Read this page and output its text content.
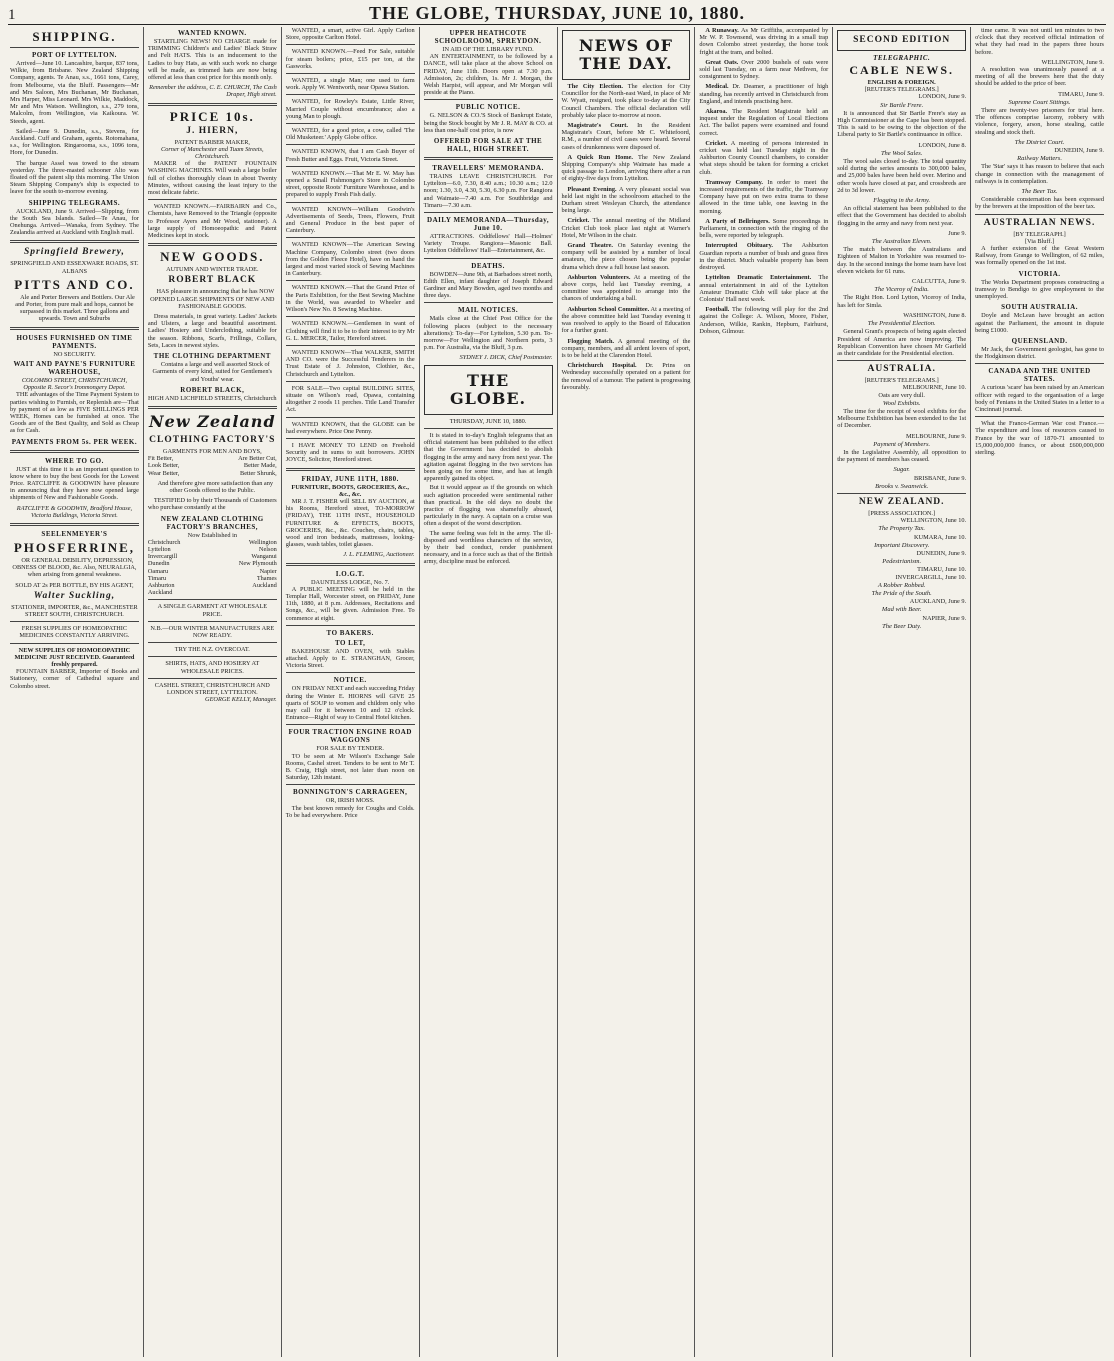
1	THE GLOBE, THURSDAY, JUNE 10, 1880.
SHIPPING.
PORT OF LYTTELTON.

Arrived—June 10. Lancashire, barque, 837 tons, Wilkie, from Brisbane. New Zealand Shipping Company, agents. Te Anau, s.s., 1661 tons, Carey, from Melbourne, via the Bluff. Passengers—Mr and Mrs Saloon, Mrs Buchanan, Mr Buchanan, Mrs Harper, Miss Leonard. Mrs Wilkie, Maddock, Mr and Mrs Watson. Wellington, s.s., 279 tons, Malcolm, from Wellington, via Kaikoura. W. Steeds, agent.

Sailed—June 9. Dunedin, s.s., Stevens, for Auckland. Cuff and Graham, agents. Rotomahana, s.s., for Wellington. Ringarooma, s.s., 1096 tons, Hore, for Dunedin.

The barque Assel was towed to the stream yesterday. The three-masted schooner Alto was floated off the patent slip this morning. The Union Steam Shipping Company's ship is expected to leave for the south to-morrow evening.

SHIPPING TELEGRAMS.

AUCKLAND, June 9. Arrived—Slipping, from the South Sea Islands. Sailed—Te Anau, for Onehunga. Arrived—Wanaka, from Sydney. The Zealandia arrived at Auckland with English mail.

Springfield Brewery,
SPRINGFIELD AND ESSEXWARE ROADS, ST. ALBANS
PITTS AND CO.

Ale and Porter Brewers and Bottlers. Our Ale and Porter, from pure malt and hops, cannot be surpassed in this market. Three gallons and upwards. Town and Suburbs

HOUSES FURNISHED ON TIME PAYMENTS.
NO SECURITY.
WAIT AND PAYNE'S FURNITURE WAREHOUSE,
COLOMBO STREET, CHRISTCHURCH, Opposite R. Secor's Ironmongery Depot.

THE advantages of the Time Payment System to parties wishing to Furnish, or Replenish are—That by payment of as low as FIVE SHILLINGS PER WEEK, Homes can be furnished at once. The Goods are of the Best Quality, and Sold as Cheap as for Cash.

PAYMENTS FROM 5s. PER WEEK.
WHERE TO GO.

JUST at this time it is an important question to know where to buy the best Goods for the Lowest Price. RATCLIFFE & GOODWIN have pleasure in announcing that they have now opened large shipments of New and Fashionable Goods.

RATCLIFFE & GOODWIN, Bradford House, Victoria Buildings, Victoria Street.
SEELENMEYER'S
PHOSFERRINE,

OR GENERAL DEBILITY, DEPRESSION, OBNESS OF BLOOD, &c. Also, NEURALGIA, when arising from general weakness.

SOLD AT 2s PER BOTTLE, BY HIS AGENT,
Walter Suckling,
STATIONER, IMPORTER, &c., MANCHESTER STREET SOUTH, CHRISTCHURCH.
FRESH SUPPLIES OF HOMEOPATHIC MEDICINES CONSTANTLY ARRIVING.
NEW SUPPLIES OF HOMOEOPATHIC MEDICINE JUST RECEIVED. Guaranteed freshly prepared.

FOUNTAIN BARBER, Importer of Books and Stationery, corner of Cathedral square and Colombo street.

WANTED KNOWN.

STARTLING NEWS! NO CHARGE made for TRIMMING Children's and Ladies' Black Straw and Felt HATS. This is an inducement to the Ladies to buy Hats, as with such work no charge will be made, as trimmed hats are now being offered at less than cost price for this month only.

Remember the address, C. E. CHURCH, The Cash Draper, High street.
PRICE 10s.
J. HIERN,
PATENT BARBER MAKER,
Corner of Manchester and Tuam Streets, Christchurch.

MAKER of the PATENT FOUNTAIN WASHING MACHINES. Will wash a large boiler full of clothes thoroughly clean in about Twenty Minutes, without causing the least injury to the most delicate fabric.

WANTED KNOWN.—FAIRBAIRN and Co., Chemists, have Removed to the Triangle (opposite to Professor Ayers and Mr Wood, stationer). A large supply of Homoeopathic and Patent Medicines kept in stock.

NEW GOODS.
AUTUMN AND WINTER TRADE.
ROBERT BLACK

HAS pleasure in announcing that he has NOW OPENED LARGE SHIPMENTS OF NEW AND FASHIONABLE GOODS.

Dress materials, in great variety. Ladies' Jackets and Ulsters, a large and beautiful assortment. Ladies' Hosiery and Underclothing, suitable for the season. Ribbons, Scarfs, Frillings, Collars, Sets, Laces in newest styles.

THE CLOTHING DEPARTMENT

Contains a large and well assorted Stock of Garments of every kind, suited for Gentlemen's and Youths' wear.

ROBERT BLACK,
HIGH AND LICHFIELD STREETS, Christchurch
New Zealand
CLOTHING FACTORY'S
GARMENTS FOR MEN AND BOYS,
Fit Better,	Are Better Cut,
Look Better,	Better Made,
Wear Better,	Better Shrunk,

And therefore give more satisfaction than any other Goods offered to the Public.

TESTIFIED to by their Thousands of Customers who purchase constantly at the

NEW ZEALAND CLOTHING FACTORY'S BRANCHES,
Now Established in
Christchurch	Wellington
Lyttelton	Nelson
Invercargill	Wanganui
Dunedin	New Plymouth
Oamaru	Napier
Timaru	Thames
Ashburton	Auckland
Auckland
A SINGLE GARMENT AT WHOLESALE PRICE.
N.B.—OUR WINTER MANUFACTURES ARE NOW READY.
TRY THE N.Z. OVERCOAT.
SHIRTS, HATS, AND HOSIERY AT WHOLESALE PRICES.
CASHEL STREET, CHRISTCHURCH AND LONDON STREET, LYTTELTON.
GEORGE KELLY, Manager.

WANTED, a smart, active Girl. Apply Carlton Store, opposite Carlton Hotel.

WANTED KNOWN.—Feed For Sale, suitable for steam boilers; price, £15 per ton, at the Gasworks.

WANTED, a single Man; one used to farm work. Apply W. Wentworth, near Opawa Station.

WANTED, for Rowley's Estate, Little River, Married Couple without encumbrance; also a young Man to plough.

WANTED, for a good price, a cow, called 'The Old Musketeer.' Apply Globe office.

WANTED KNOWN, that I am Cash Buyer of Fresh Butter and Eggs. Fruit, Victoria Street.

WANTED KNOWN.—That Mr E. W. May has opened a Small Fishmonger's Store in Colombo street, opposite Roots' Furniture Warehouse, and is prepared to supply Fresh Fish daily.

WANTED KNOWN—William Goodwin's Advertisements of Seeds, Trees, Flowers, Fruit and General Produce in the best paper of Canterbury.

WANTED KNOWN—The American Sewing Machine Company, Colombo street (two doors from the Golden Fleece Hotel), have on hand the largest and most varied stock of Sewing Machines in Canterbury.

WANTED KNOWN.—That the Grand Prize of the Paris Exhibition, for the Best Sewing Machine in the World, was awarded to Wheeler and Wilson's New No. 8 Sewing Machine.

WANTED KNOWN.—Gentlemen in want of Clothing will find it to be to their interest to try Mr G. L. MERCER, Tailor, Hereford street.

WANTED KNOWN—That WALKER, SMITH AND CO. were the Successful Tenderers in the Trust Estate of J. Johnston, Clothier, &c., Christchurch and Lyttelton.

FOR SALE—Two capital BUILDING SITES, situate on Wilson's road, Opawa, containing altogether 2 roods 11 perches. Title Land Transfer Act.

WANTED KNOWN, that the GLOBE can be had everywhere. Price One Penny.

I HAVE MONEY TO LEND on Freehold Security and in sums to suit borrowers. JOHN JOYCE, Solicitor, Hereford street.

FRIDAY, JUNE 11TH, 1880.
FURNITURE, BOOTS, GROCERIES, &c., &c., &c.

MR J. T. FISHER will SELL BY AUCTION, at his Rooms, Hereford street, TO-MORROW (FRIDAY), THE 11TH INST., HOUSEHOLD FURNITURE & EFFECTS, BOOTS, GROCERIES, &c., &c. Couches, chairs, tables, wood and iron bedsteads, mattresses, looking-glasses, wash tables, toilet glasses.

J. L. FLEMING, Auctioneer.
I.O.G.T.
DAUNTLESS LODGE, No. 7.

A PUBLIC MEETING will be held in the Templar Hall, Worcester street, on FRIDAY, June 11th, 1880, at 8 p.m. Addresses, Recitations and Songs, &c., will be given. Admission Free. To commence at eight.

TO BAKERS.
TO LET,

BAKEHOUSE AND OVEN, with Stables attached. Apply to E. STRANGHAN, Grocer, Victoria Street.

NOTICE.

ON FRIDAY NEXT and each succeeding Friday during the Winter E. HIORNS will GIVE 25 quarts of SOUP to women and children only who may call for it between 10 and 12 o'clock. Entrance—Right of way to Central Hotel kitchen.

FOUR TRACTION ENGINE ROAD WAGGONS
FOR SALE BY TENDER.

TO be seen at Mr Wilson's Exchange Sale Rooms, Cashel street. Tenders to be sent to Mr T. B. Craig, High street, not later than noon on Saturday, 12th instant.

BONNINGTON'S CARRAGEEN,
OR, IRISH MOSS.

The best known remedy for Coughs and Colds. To be had everywhere. Price

UPPER HEATHCOTE SCHOOLROOM, SPREYDON.
IN AID OF THE LIBRARY FUND.

AN ENTERTAINMENT, to be followed by a DANCE, will take place at the above School on FRIDAY, June 11th. Doors open at 7.30 p.m. Admission, 2s; children, 1s. Mr J. Morgan, the Welsh Harpist, will appear, and Mr Morgan will preside at the Piano.

PUBLIC NOTICE.

G. NELSON & CO.'S Stock of Bankrupt Estate, being the Stock bought by Mr J. R. MAY & CO. at less than one-half cost price, is now

OFFERED FOR SALE AT THE HALL, HIGH STREET.
TRAVELLERS' MEMORANDA.

TRAINS LEAVE CHRISTCHURCH. For Lyttelton—6.0, 7.30, 8.40 a.m.; 10.30 a.m.; 12.0 noon; 1.30, 3.0, 4.30, 5.30, 6.30 p.m. For Rangiora and Waimate—7.40 a.m. For Southbridge and Timaru—7.30 a.m.

DAILY MEMORANDA—Thursday, June 10.

ATTRACTIONS. Oddfellows' Hall—Holmes' Variety Troupe. Rangiora—Masonic Ball. Lyttelton Oddfellows' Hall—Entertainment, &c.

DEATHS.

BOWDEN—June 9th, at Barbadoes street north, Edith Ellen, infant daughter of Joseph Edward Gardiner and Mary Bowden, aged two months and three days.

MAIL NOTICES.

Mails close at the Chief Post Office for the following places (subject to the necessary alterations): To-day—For Lyttelton, 5.30 p.m. To-morrow—For Wellington and Northern ports, 3 p.m. For Australia, via the Bluff, 3 p.m.

SYDNEY J. DICK, Chief Postmaster.
THE GLOBE.
THURSDAY, JUNE 10, 1880.

It is stated in to-day's English telegrams that an official statement has been published to the effect that the Government has decided to abolish flogging in the army and navy from next year. The agitation against flogging in the two services has been going on for some time, and has at length apparently gained its object.

But it would appear as if the grounds on which such agitation proceeded were sentimental rather than practical. In the old days no doubt the practice of flogging was shamefully abused, particularly in the navy. A captain on a cruise was often a despot of the worst description.

The same feeling was felt in the army. The ill-disposed and worthless characters of the service, by their bad conduct, render punishment necessary, and in a force such as that of the British army, discipline must be enforced.

NEWS OF THE DAY.

The City Election. The election for City Councillor for the North-east Ward, in place of Mr W. Wyatt, resigned, took place to-day at the City Council Chambers. The official declaration will probably take place to-morrow at noon.

Magistrate's Court. In the Resident Magistrate's Court, before Mr C. Whitefoord, R.M., a number of civil cases were heard. Several cases of drunkenness were disposed of.

A Quick Run Home. The New Zealand Shipping Company's ship Waimate has made a quick passage to London, arriving there after a run of eighty-five days from Lyttelton.

Pleasant Evening. A very pleasant social was held last night in the schoolroom attached to the Durham street Wesleyan Church, the attendance being large.

Cricket. The annual meeting of the Midland Cricket Club took place last night at Warner's Hotel, Mr Wilson in the chair.

Grand Theatre. On Saturday evening the company will be assisted by a number of local amateurs, the piece chosen being the popular drama which drew a full house last season.

Ashburton Volunteers. At a meeting of the above corps, held last Tuesday evening, a committee was appointed to arrange into the chances of undertaking a ball.

Ashburton School Committee. At a meeting of the above committee held last Tuesday evening it was resolved to apply to the Board of Education for a further grant.

Flogging Match. A general meeting of the company, members, and all ardent lovers of sport, is to be held at the Clarendon Hotel.

Christchurch Hospital. Dr. Prins on Wednesday successfully operated on a patient for the removal of a tumour. The patient is progressing favourably.

A Runaway. As Mr Griffiths, accompanied by Mr W. P. Townsend, was driving in a small trap down Colombo street yesterday, the horse took fright at the tram, and bolted.

Great Oats. Over 2000 bushels of oats were sold last Tuesday, on a farm near Methven, for consignment to Sydney.

Medical. Dr. Deamer, a practitioner of high standing, has recently arrived in Christchurch from England, and intends practising here.

Akaroa. The Resident Magistrate held an inquest under the Regulation of Local Elections Act. The ballot papers were examined and found correct.

Cricket. A meeting of persons interested in cricket was held last Tuesday night in the Ashburton County Council chambers, to consider what steps should be taken for forming a cricket club.

Tramway Company. In order to meet the increased requirements of the traffic, the Tramway Company have put on two extra trams to these allowed in the time table, one leaving in the morning.

A Party of Bellringers. Some proceedings in Parliament, in connection with the ringing of the bells, were reported by telegraph.

Interrupted Obituary. The Ashburton Guardian reports a number of bush and grass fires in the district. Much valuable property has been destroyed.

Lyttelton Dramatic Entertainment. The annual entertainment in aid of the Lyttelton Amateur Dramatic Club will take place at the Colonists' Hall next week.

Football. The following will play for the 2nd against the College: A. Wilson, Moore, Fisher, Anderson, Wilkie, Rankin, Hepburn, Fairhurst, Dobson, Gilmour.

SECOND EDITION
TELEGRAPHIC.
CABLE NEWS.
ENGLISH & FOREIGN.
[REUTER'S TELEGRAMS.]
LONDON, June 9.
Sir Bartle Frere.

It is announced that Sir Bartle Frere's stay as High Commissioner at the Cape has been stopped. This is said to be owing to the objection of the Liberal party to Sir Bartle's continuance in office.

LONDON, June 8.
The Wool Sales.

The wool sales closed to-day. The total quantity sold during the series amounts to 300,000 bales, and 25,000 bales have been held over. Merino and other wools have closed at par, and crossbreds are 2d to 3d lower.

Flogging in the Army.

An official statement has been published to the effect that the Government has decided to abolish flogging in the army and navy from next year.

June 9.
The Australian Eleven.

The match between the Australians and Eighteen of Malton in Yorkshire was resumed to-day. In the second innings the home team have lost eleven wickets for 61 runs.

CALCUTTA, June 9.
The Viceroy of India.

The Right Hon. Lord Lytton, Viceroy of India, has left for Simla.

WASHINGTON, June 8.
The Presidential Election.

General Grant's prospects of being again elected President of America are now improving. The Republican Convention have chosen Mr Garfield as their candidate for the Presidential election.

AUSTRALIA.
[REUTER'S TELEGRAMS.]
MELBOURNE, June 10.
Oats are very dull.
Wool Exhibits.

The time for the receipt of wool exhibits for the Melbourne Exhibition has been extended to the 1st of December.

MELBOURNE, June 9.
Payment of Members.

In the Legislative Assembly, all opposition to the payment of members has ceased.

Sugar.
BRISBANE, June 9.
Brooks v. Swanwick.
NEW ZEALAND.
[PRESS ASSOCIATION.]
WELLINGTON, June 10.
The Property Tax.
KUMARA, June 10.
Important Discovery.
DUNEDIN, June 9.
Pedestrianism.
TIMARU, June 10.
INVERCARGILL, June 10.
A Robber Robbed.
The Pride of the South.
AUCKLAND, June 9.
Mad with Beer.
NAPIER, June 9.
The Beer Duty.

time came. It was not until ten minutes to two o'clock that they received official intimation of what they had read in the papers three hours before.

WELLINGTON, June 9.

A resolution was unanimously passed at a meeting of all the brewers here that the duty should be added to the price of beer.

TIMARU, June 9.
Supreme Court Sittings.

There are twenty-two prisoners for trial here. The offences comprise larceny, robbery with violence, forgery, arson, horse stealing, cattle stealing and stock theft.

The District Court.
DUNEDIN, June 9.
Railway Matters.

The 'Star' says it has reason to believe that each change in connection with the management of railways is in contemplation.

The Beer Tax.

Considerable consternation has been expressed by the brewers at the imposition of the beer tax.

AUSTRALIAN NEWS.
[BY TELEGRAPH.]
[Via Bluff.]

A further extension of the Great Western Railway, from Grange to Wellington, of 62 miles, was formally opened on the 1st inst.

VICTORIA.

The Works Department proposes constructing a tramway to Bendigo to give employment to the unemployed.

SOUTH AUSTRALIA.

Doyle and McLean have brought an action against the Parliament, the amount in dispute being £1000.

QUEENSLAND.

Mr Jack, the Government geologist, has gone to the Hodgkinson district.

CANADA AND THE UNITED STATES.

A curious 'scare' has been raised by an American officer with regard to the organisation of a large body of Fenians in the United States in a letter to a Cincinnati journal.

What the Franco-German War cost France.—The expenditure and loss of resources caused to France by the war of 1870-71 amounted to 15,000,000,000 francs, or about £600,000,000 sterling.
